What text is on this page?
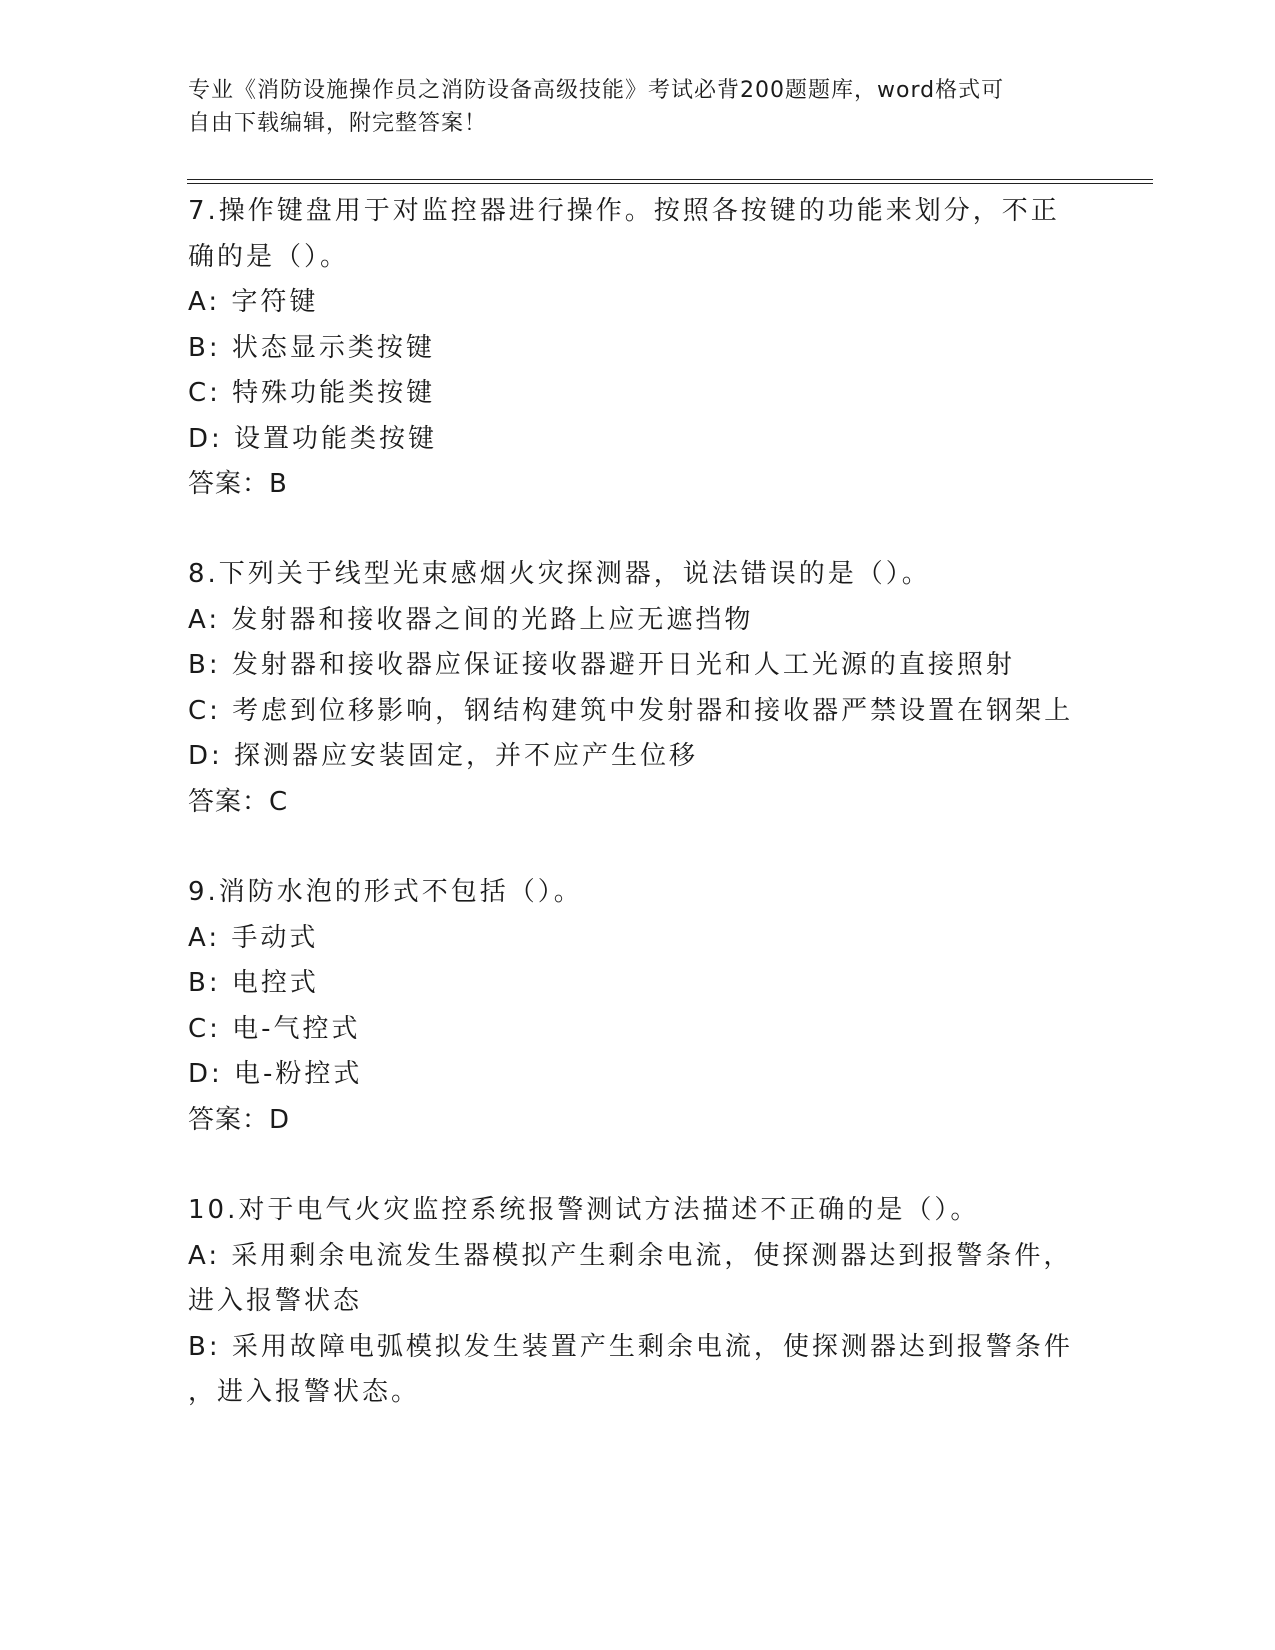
专业《消防设施操作员之消防设备高级技能》考试必背200题题库，word格式可
自由下载编辑，附完整答案！
7.操作键盘用于对监控器进行操作。按照各按键的功能来划分，不正
确的是（）。
A: 字符键
B: 状态显示类按键
C: 特殊功能类按键
D: 设置功能类按键
答案：B
8.下列关于线型光束感烟火灾探测器，说法错误的是（）。
A: 发射器和接收器之间的光路上应无遮挡物
B: 发射器和接收器应保证接收器避开日光和人工光源的直接照射
C: 考虑到位移影响，钢结构建筑中发射器和接收器严禁设置在钢架上
D: 探测器应安装固定，并不应产生位移
答案：C
9.消防水泡的形式不包括（）。
A: 手动式
B: 电控式
C: 电-气控式
D: 电-粉控式
答案：D
10.对于电气火灾监控系统报警测试方法描述不正确的是（）。
A: 采用剩余电流发生器模拟产生剩余电流，使探测器达到报警条件，
进入报警状态
B: 采用故障电弧模拟发生装置产生剩余电流，使探测器达到报警条件
，进入报警状态。
